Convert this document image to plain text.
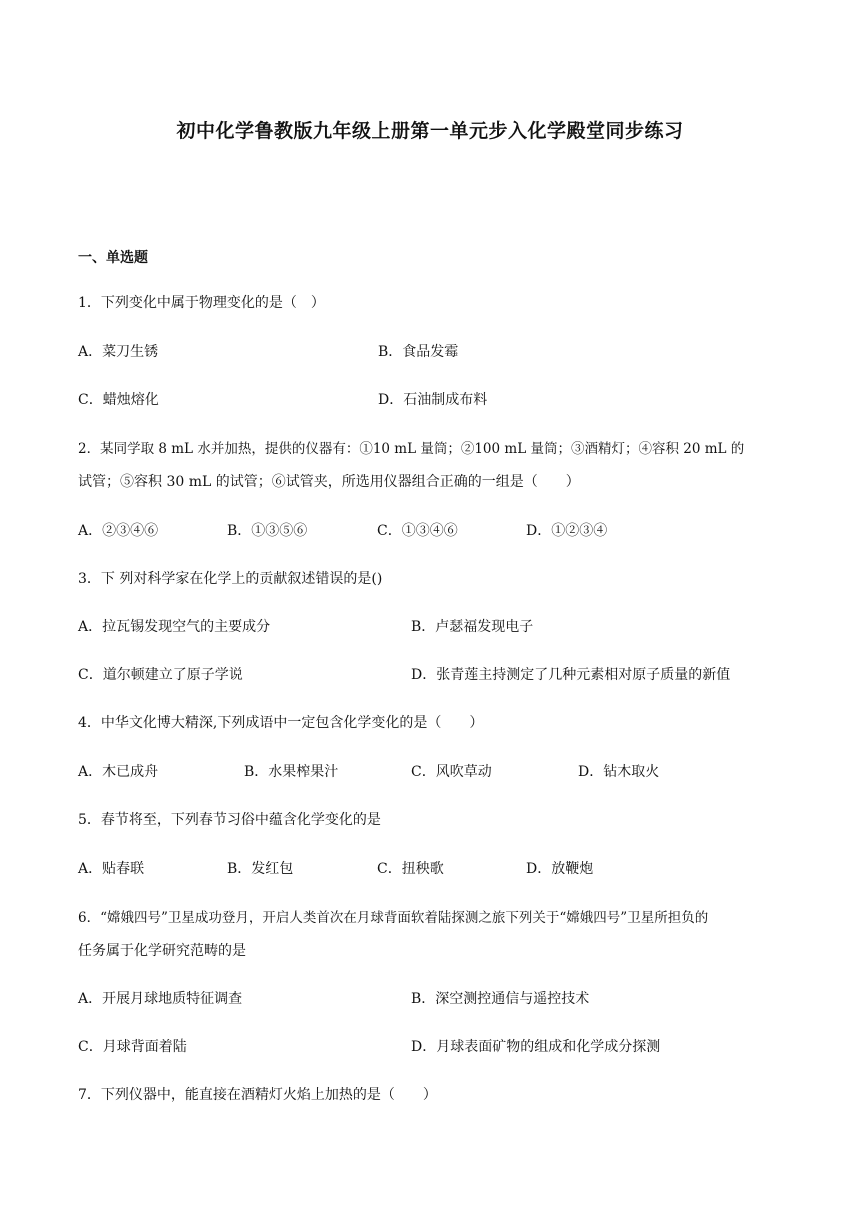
初中化学鲁教版九年级上册第一单元步入化学殿堂同步练习
一、单选题
1．下列变化中属于物理变化的是（　）
A．菜刀生锈	B．食品发霉
C．蜡烛熔化	D．石油制成布料
2．某同学取 8 mL 水并加热，提供的仪器有：①10 mL 量筒；②100 mL 量筒；③酒精灯；④容积 20 mL 的
试管；⑤容积 30 mL 的试管；⑥试管夹，所选用仪器组合正确的一组是（　　）
A．②③④⑥	B．①③⑤⑥	C．①③④⑥	D．①②③④
3．下 列对科学家在化学上的贡献叙述错误的是()
A．拉瓦锡发现空气的主要成分	B．卢瑟福发现电子
C．道尔顿建立了原子学说	D．张青莲主持测定了几种元素相对原子质量的新值
4．中华文化博大精深,下列成语中一定包含化学变化的是（　　）
A．木已成舟	B．水果榨果汁	C．风吹草动	D．钻木取火
5．春节将至，下列春节习俗中蕴含化学变化的是
A．贴春联	B．发红包	C．扭秧歌	D．放鞭炮
6．“嫦娥四号”卫星成功登月，开启人类首次在月球背面软着陆探测之旅下列关于“嫦娥四号”卫星所担负的
任务属于化学研究范畴的是
A．开展月球地质特征调查	B．深空测控通信与遥控技术
C．月球背面着陆	D．月球表面矿物的组成和化学成分探测
7．下列仪器中，能直接在酒精灯火焰上加热的是（　　）
